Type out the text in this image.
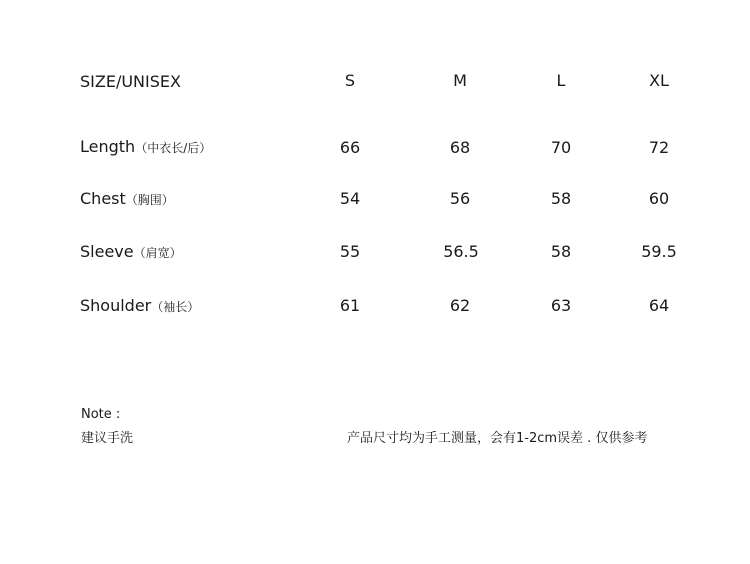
SIZE/UNISEX	S	M	L	XL
Length（中衣长/后）	66	68	70	72
Chest（胸围）	54	56	58	60
Sleeve（肩宽）	55	56.5	58	59.5
Shoulder（袖长）	61	62	63	64
Note :
建议手洗	产品尺寸均为手工测量，会有1-2cm误差 . 仅供参考
